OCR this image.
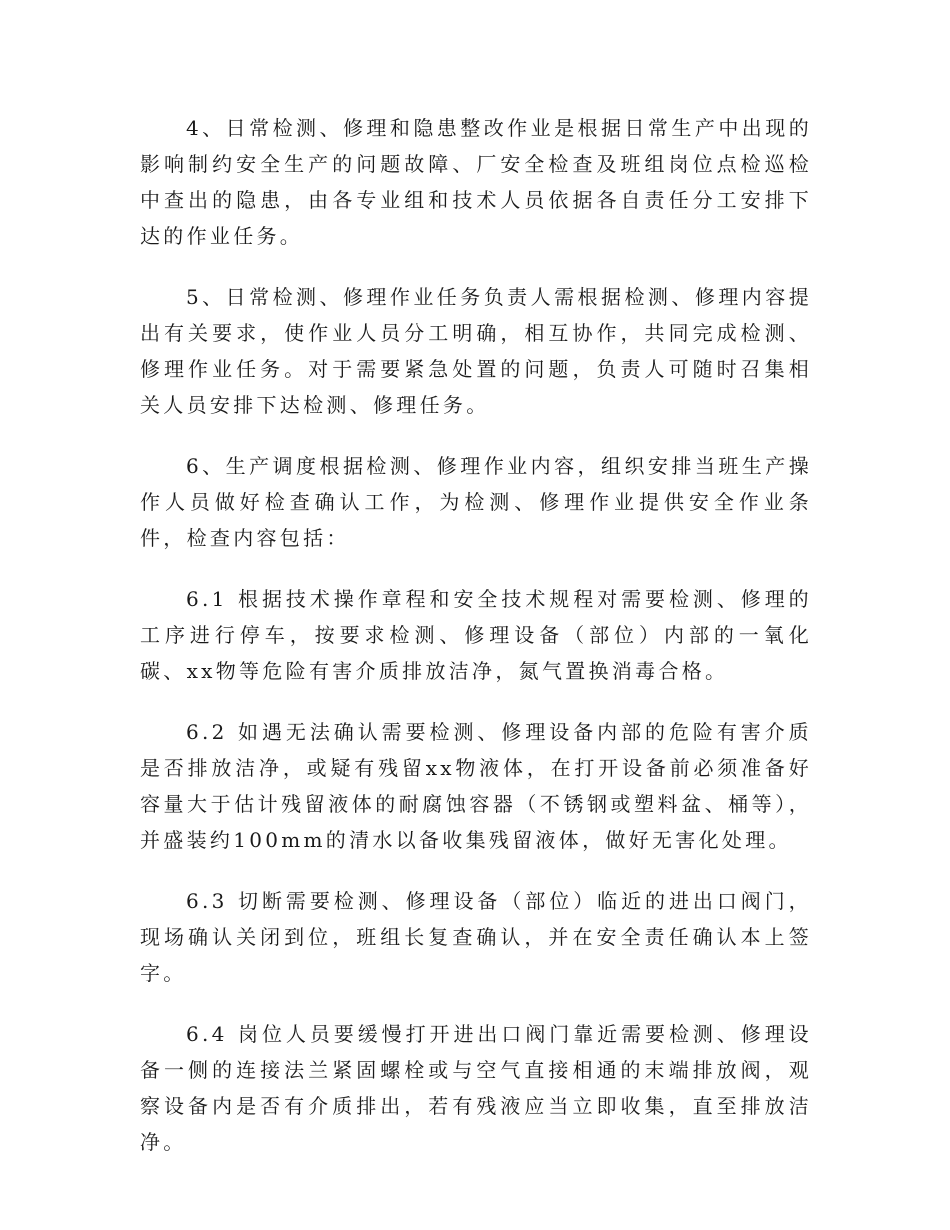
4、日常检测、修理和隐患整改作业是根据日常生产中出现的影响制约安全生产的问题故障、厂安全检查及班组岗位点检巡检中查出的隐患，由各专业组和技术人员依据各自责任分工安排下达的作业任务。

5、日常检测、修理作业任务负责人需根据检测、修理内容提出有关要求，使作业人员分工明确，相互协作，共同完成检测、修理作业任务。对于需要紧急处置的问题，负责人可随时召集相关人员安排下达检测、修理任务。

6、生产调度根据检测、修理作业内容，组织安排当班生产操作人员做好检查确认工作，为检测、修理作业提供安全作业条件，检查内容包括：

6.1 根据技术操作章程和安全技术规程对需要检测、修理的工序进行停车，按要求检测、修理设备（部位）内部的一氧化碳、xx物等危险有害介质排放洁净，氮气置换消毒合格。

6.2 如遇无法确认需要检测、修理设备内部的危险有害介质是否排放洁净，或疑有残留xx物液体，在打开设备前必须准备好容量大于估计残留液体的耐腐蚀容器（不锈钢或塑料盆、桶等），并盛装约100mm的清水以备收集残留液体，做好无害化处理。

6.3 切断需要检测、修理设备（部位）临近的进出口阀门，现场确认关闭到位，班组长复查确认，并在安全责任确认本上签字。

6.4 岗位人员要缓慢打开进出口阀门靠近需要检测、修理设备一侧的连接法兰紧固螺栓或与空气直接相通的末端排放阀，观察设备内是否有介质排出，若有残液应当立即收集，直至排放洁净。
